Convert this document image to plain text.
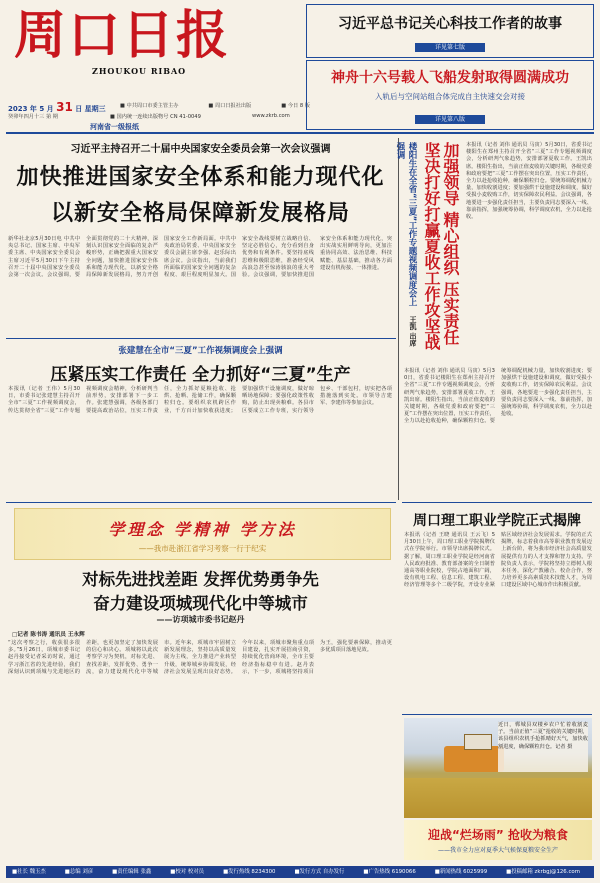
周口日报
ZHOUKOU RIBAO
2023 年 5 月 31 日 星期三	■ 中共周口市委主管主办	■ 周口日报社出版	■ 今日 8 版
癸卯年四月十三 第 期	■ 国内统一连续出版物号 CN 41-0049	www.zkrb.com
河南省一级报纸
习近平总书记关心科技工作者的故事
详见第七版
神舟十六号载人飞船发射取得圆满成功
入轨后与空间站组合体完成自主快速交会对接
详见第八版
习近平主持召开二十届中央国家安全委员会第一次会议强调
加快推进国家安全体系和能力现代化
以新安全格局保障新发展格局
新华社北京5月30日电 中共中央总书记、国家主席、中央军委主席、中央国家安全委员会主席习近平5月30日下午主持召开二十届中央国家安全委员会第一次会议。会议强调，要全面贯彻党的二十大精神，深刻认识国家安全面临的复杂严峻形势，正确把握重大国家安全问题，加快推进国家安全体系和能力现代化，以新安全格局保障新发展格局，努力开创国家安全工作新局面。中共中央政治局常委、中央国家安全委员会副主席李强、赵乐际出席会议。会议指出，当前我们所面临的国家安全问题的复杂程度、艰巨程度明显加大。国家安全战线要树立战略自信、坚定必胜信心，充分看到自身优势和有利条件。要坚持底线思维和极限思维，准备经受风高浪急甚至惊涛骇浪的重大考验。会议强调，要加快推进国家安全体系和能力现代化，突出实战实用鲜明导向，更加注重协同高效、法治思维、科技赋能、基层基础，推动各方面建设有机衔接、一体推进。	楼阳生在全省“三夏”工作专题视频调度会上强调	加强领导 精心组织 压实责任 坚决打好打赢夏收工作攻坚战
王凯 出席
本报讯（记者 刘伟 通讯员 马寅）5月30日，省委书记楼阳生在郑州主持召开全省“三夏”工作专题视频调度会，分析研判气象趋势，安排部署夏收工作。王凯出席。楼阳生指出，当前正值麦收的关键时期，各级党委和政府要把“三夏”工作摆在突出位置，压实工作责任，全力以赴抢收抢种，确保颗粒归仓。要统筹调配机械力量，加快收割进度；要加强烘干设施建设和调度，做好受损小麦收购工作，切实保障农民利益。会议强调，各地要进一步强化责任担当，主要负责同志要深入一线、靠前指挥，加强统筹协调，科学调度农机，全力以赴抢收。
本报讯（记者 刘伟 通讯员 马寅）5月30日，省委书记楼阳生在郑州主持召开全省“三夏”工作专题视频调度会，分析研判气象趋势，安排部署夏收工作。王凯出席。楼阳生指出，当前正值麦收的关键时期，各级党委和政府要把“三夏”工作摆在突出位置，压实工作责任，全力以赴抢收抢种，确保颗粒归仓。要统筹调配机械力量，加快收割进度；要加强烘干设施建设和调度，做好受损小麦收购工作，切实保障农民利益。会议强调，各地要进一步强化责任担当，主要负责同志要深入一线、靠前指挥，加强统筹协调，科学调度农机，全力以赴抢收。
张建慧在全市“三夏”工作视频调度会上强调
压紧压实工作责任 全力抓好“三夏”生产
本报讯（记者 王伟）5月30日，市委书记张建慧主持召开全市“三夏”工作视频调度会，传达贯彻全省“三夏”工作专题视频调度会精神，分析研判当前形势，安排部署下一步工作。张建慧强调，各级各部门要提高政治站位，压实工作责任，全力抓好夏粮抢收、抢烘、抢晒、抢储工作，确保颗粒归仓。要组织农机跨区作业，千方百计加快收获进度；要加强烘干设施调度，做好晾晒场地保障；要强化政策性收购，防止出现卖粮难。各县市区要成立工作专班，实行领导包乡、干部包村，切实把各项措施落到实处。市领导吉建军、李建伟等参加会议。
周口理工职业学院正式揭牌
本报讯（记者 王晓 通讯员 王云飞）5月30日上午，周口理工职业学院揭牌仪式在学院举行。市领导出席揭牌仪式。据了解，周口理工职业学院是经河南省人民政府批准、教育部备案的全日制普通高等职业院校，学院占地面积广阔，设有机电工程、信息工程、建筑工程、经济管理等多个二级学院，开设专业紧贴区域经济社会发展需求。学院的正式揭牌，标志着我市高等职业教育发展迈上新台阶，将为我市经济社会高质量发展提供有力的人才支撑和智力支持。学院负责人表示，学院将坚持立德树人根本任务，深化产教融合、校企合作，努力培养更多高素质技术技能人才，为周口建设区域中心城市作出积极贡献。
学理念 学精神 学方法
——我市赴浙江省学习考察一行于纪实
对标先进找差距 发挥优势勇争先
奋力建设项城现代化中等城市
——访项城市委书记赵丹
□记者 陈书涛 通讯员 王永辉
“这次考察之行，收获很多很多。”5月26日，项城市委书记赵丹接受记者采访时说，通过学习浙江省的先进经验，我们深刻认识到项城与先进地区的差距，也更加坚定了加快发展的信心和决心。项城将以此次考察学习为契机，对标先进、查找差距，发挥优势、勇争一流，奋力建设现代化中等城市。近年来，项城市牢固树立新发展理念，坚持以高质量发展为主线，全力推进产业转型升级，统筹城乡协调发展，经济社会发展呈现出良好态势。今年以来，项城市聚焦重点项目建设，扎实开展招商引资，持续优化营商环境，全市主要经济指标稳中有进。赵丹表示，下一步，项城将坚持项目为王，强化要素保障，推动更多优质项目落地见效。
近日，郸城县双楼乡农户忙着收割麦子。当前正值“三夏”抢收的关键时期，该县组织农机手抢抓晴好天气，加快收割进度，确保颗粒归仓。记者 摄
迎战“烂场雨” 抢收为粮食
——我市全力应对夏季大气候保夏粮安全生产
■社长 魏玉杰	■总编 刘彦	■责任编辑 张鑫	■校对 校对员	■发行热线 8234300	■发行方式 自办发行	■广告热线 6190066	■新闻热线 6025999	■投稿邮箱 zkrbgj@126.com
